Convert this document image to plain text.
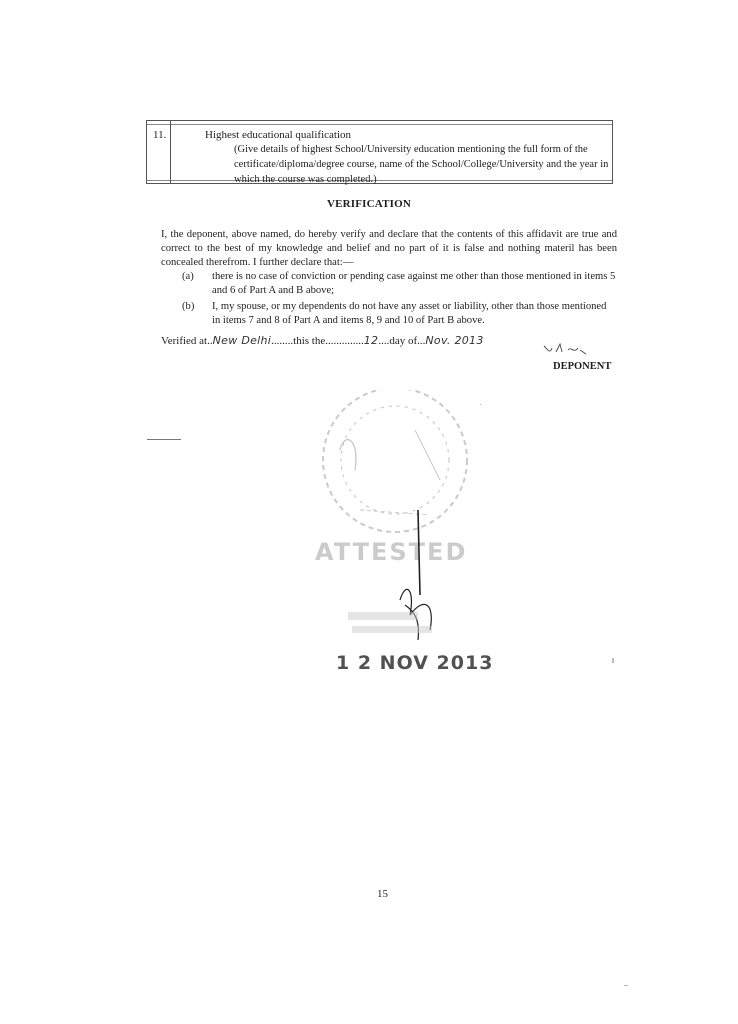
11.	Highest educational qualification
(Give details of highest School/University education mentioning the full form of the certificate/diploma/degree course, name of the School/College/University and the year in which the course was completed.)
VERIFICATION
I, the deponent, above named, do hereby verify and declare that the contents of this affidavit are true and correct to the best of my knowledge and belief and no part of it is false and nothing materil has been concealed therefrom. I further declare that:—
(a) there is no case of conviction or pending case against me other than those mentioned in items 5 and 6 of Part A and B above;
(b) I, my spouse, or my dependents do not have any asset or liability, other than those mentioned in items 7 and 8 of Part A and items 8, 9 and 10 of Part B above.
Verified at..New Delhi........this the..............12....day of...Nov. 2013
DEPONENT
ATTESTED
1 2 NOV 2013
15
